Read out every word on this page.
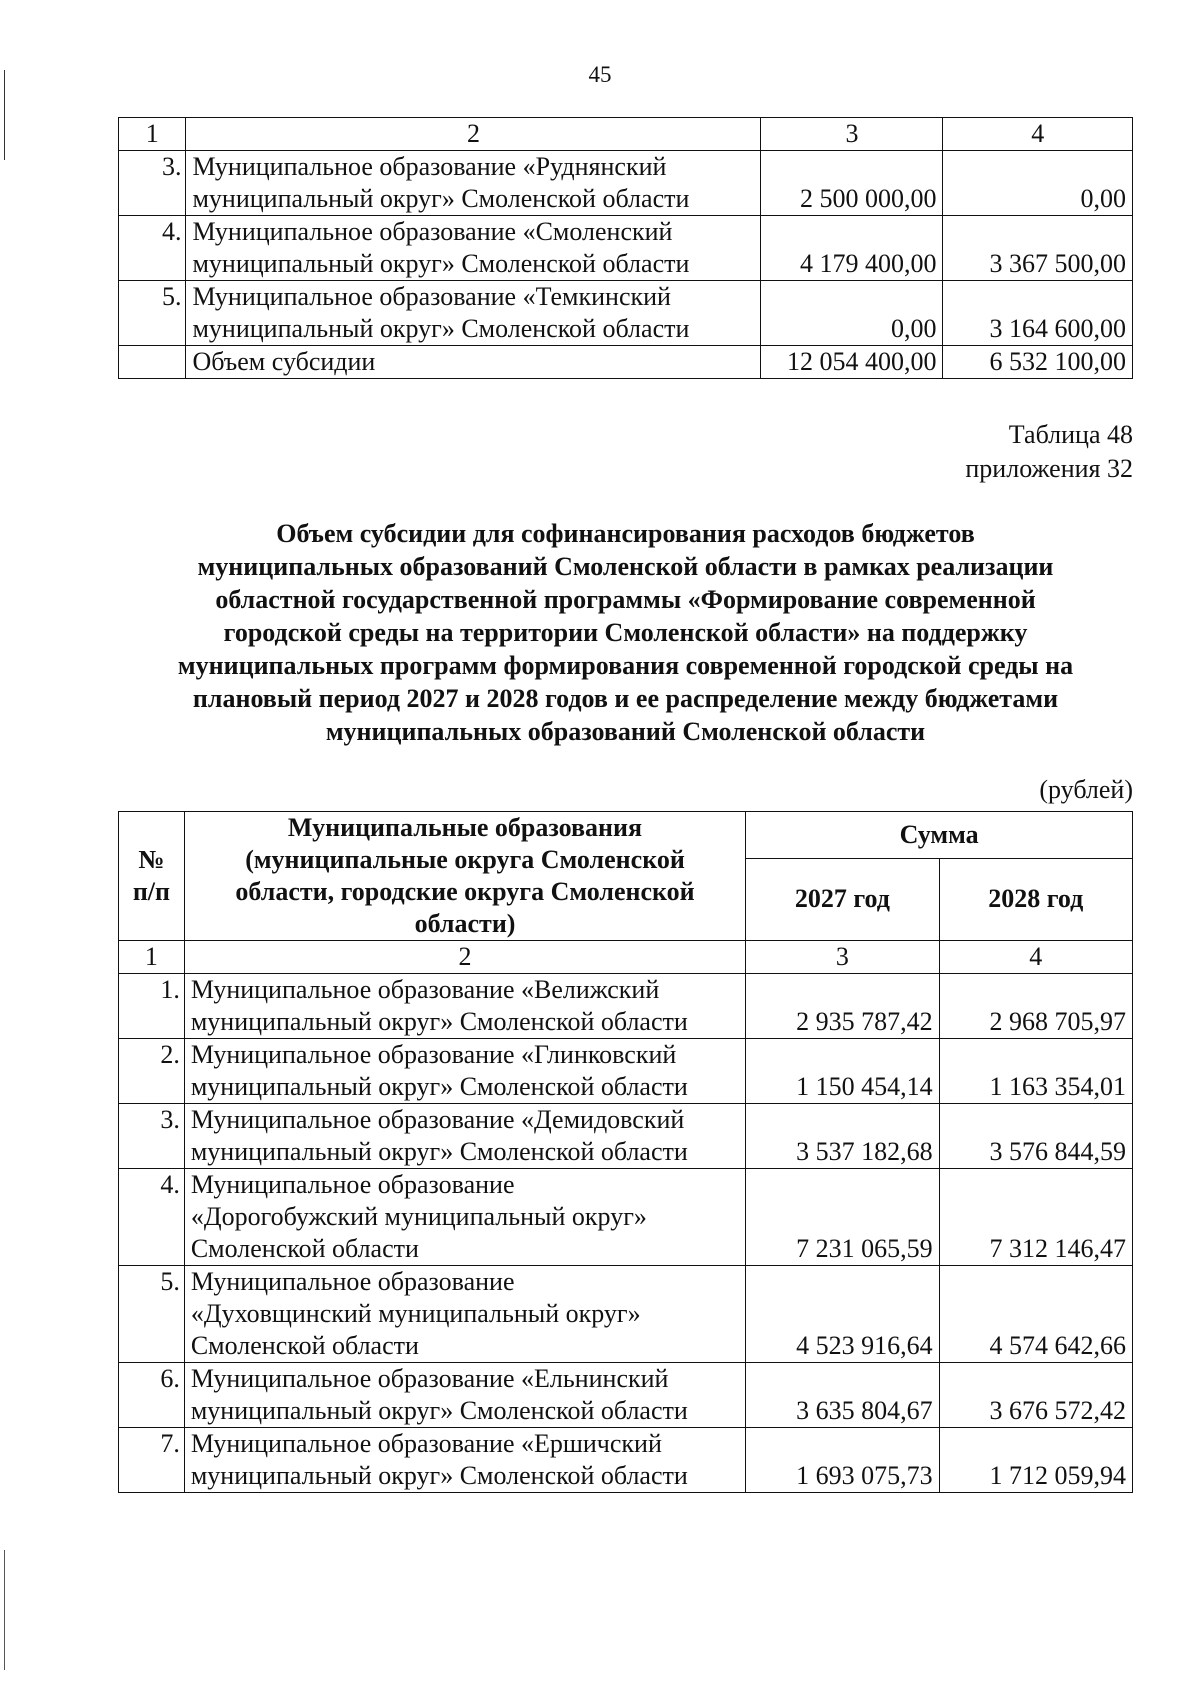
45
1	2	3	4
3.	Муниципальное образование «Руднянский
муниципальный округ» Смоленской области	2 500 000,00	0,00
4.	Муниципальное образование «Смоленский
муниципальный округ» Смоленской области	4 179 400,00	3 367 500,00
5.	Муниципальное образование «Темкинский
муниципальный округ» Смоленской области	0,00	3 164 600,00
	Объем субсидии	12 054 400,00	6 532 100,00
Таблица 48
приложения 32
Объем субсидии для софинансирования расходов бюджетов
муниципальных образований Смоленской области в рамках реализации
областной государственной программы «Формирование современной
городской среды на территории Смоленской области» на поддержку
муниципальных программ формирования современной городской среды на
плановый период 2027 и 2028 годов и ее распределение между бюджетами
муниципальных образований Смоленской области
(рублей)
№
п/п	Муниципальные образования
(муниципальные округа Смоленской
области, городские округа Смоленской
области)	Сумма	
		2027 год	2028 год
1	2	3	4
1.	Муниципальное образование «Велижский
муниципальный округ» Смоленской области	2 935 787,42	2 968 705,97
2.	Муниципальное образование «Глинковский
муниципальный округ» Смоленской области	1 150 454,14	1 163 354,01
3.	Муниципальное образование «Демидовский
муниципальный округ» Смоленской области	3 537 182,68	3 576 844,59
4.	Муниципальное образование
«Дорогобужский муниципальный округ»
Смоленской области	7 231 065,59	7 312 146,47
5.	Муниципальное образование
«Духовщинский муниципальный округ»
Смоленской области	4 523 916,64	4 574 642,66
6.	Муниципальное образование «Ельнинский
муниципальный округ» Смоленской области	3 635 804,67	3 676 572,42
7.	Муниципальное образование «Ершичский
муниципальный округ» Смоленской области	1 693 075,73	1 712 059,94
